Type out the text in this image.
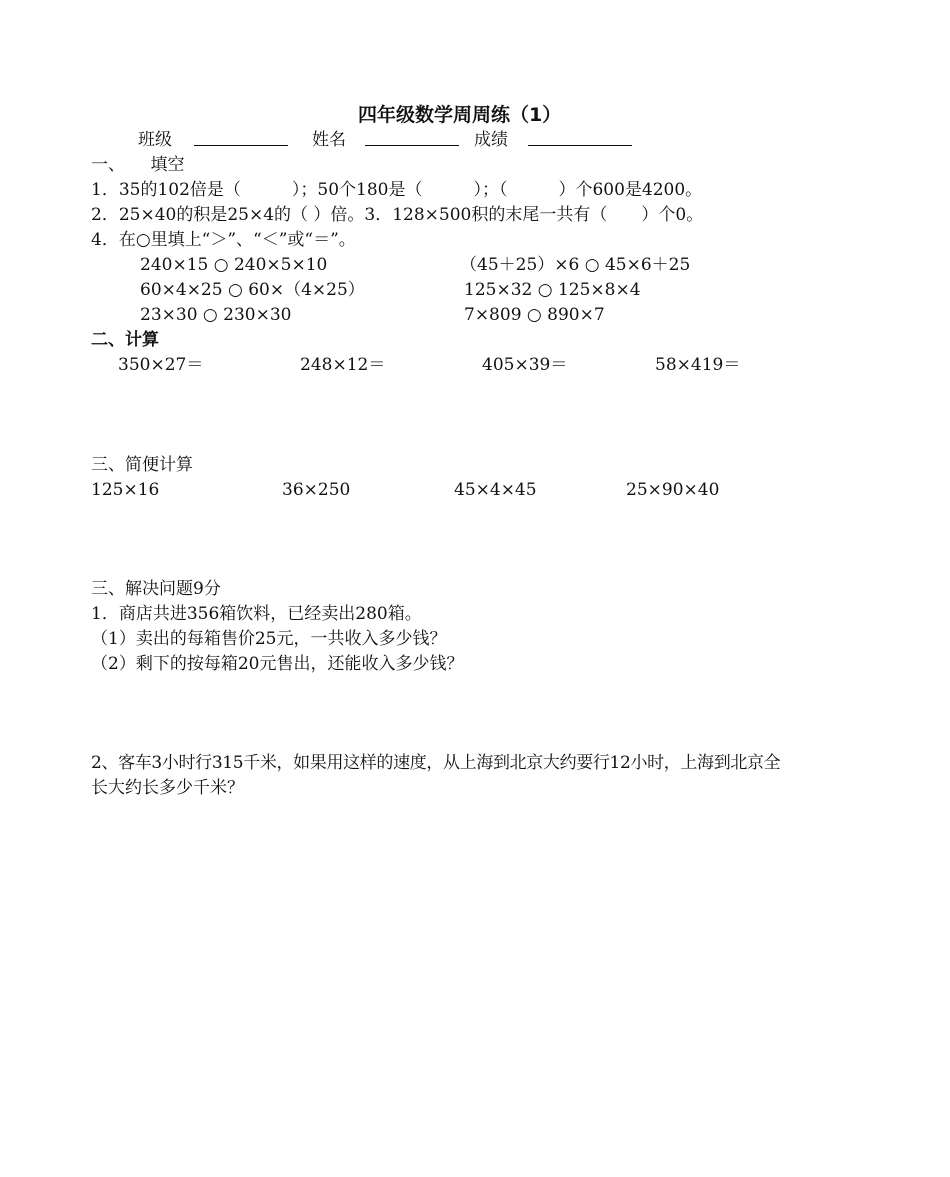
四年级数学周周练（1）
班级	姓名	成绩
一、　　填空
1．35的102倍是（　　　）；50个180是（　　　）；（　　　）个600是4200。
2．25×40的积是25×4的（ ）倍。3．128×500积的末尾一共有（　　）个0。
4．在○里填上“＞”、“＜”或“＝”。
240×15 ○ 240×5×10	（45＋25）×6 ○ 45×6＋25
60×4×25 ○ 60×（4×25）	125×32 ○ 125×8×4
23×30 ○ 230×30	7×809 ○ 890×7
二、计算
350×27＝	248×12＝	405×39＝	58×419＝
三、简便计算
125×16	36×250	45×4×45	25×90×40
三、解决问题9分
1．商店共进356箱饮料，已经卖出280箱。
（1）卖出的每箱售价25元，一共收入多少钱？
（2）剩下的按每箱20元售出，还能收入多少钱？
2、客车3小时行315千米，如果用这样的速度，从上海到北京大约要行12小时，上海到北京全
长大约长多少千米？
